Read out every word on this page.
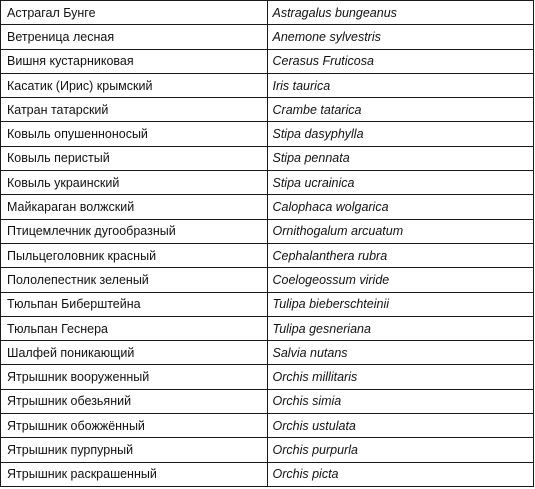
Астрагал Бунге	Astragalus bungeanus
Ветреница лесная	Anemone sylvestris
Вишня кустарниковая	Cerasus Fruticosa
Касатик (Ирис) крымский	Iris taurica
Катран татарский	Crambe tatarica
Ковыль опушенноносый	Stipa dasyphylla
Ковыль перистый	Stipa pennata
Ковыль украинский	Stipa ucrainica
Майкараган волжский	Calophaca wolgarica
Птицемлечник дугообразный	Ornithogalum arcuatum
Пыльцеголовник красный	Cephalanthera rubra
Пололепестник зеленый	Coelogeossum viride
Тюльпан Биберштейна	Tulipa bieberschteinii
Тюльпан Геснера	Tulipa gesneriana
Шалфей поникающий	Salvia nutans
Ятрышник вооруженный	Orchis millitaris
Ятрышник обезьяний	Orchis simia
Ятрышник обожжённый	Orchis ustulata
Ятрышник пурпурный	Orchis purpurla
Ятрышник раскрашенный	Orchis picta
